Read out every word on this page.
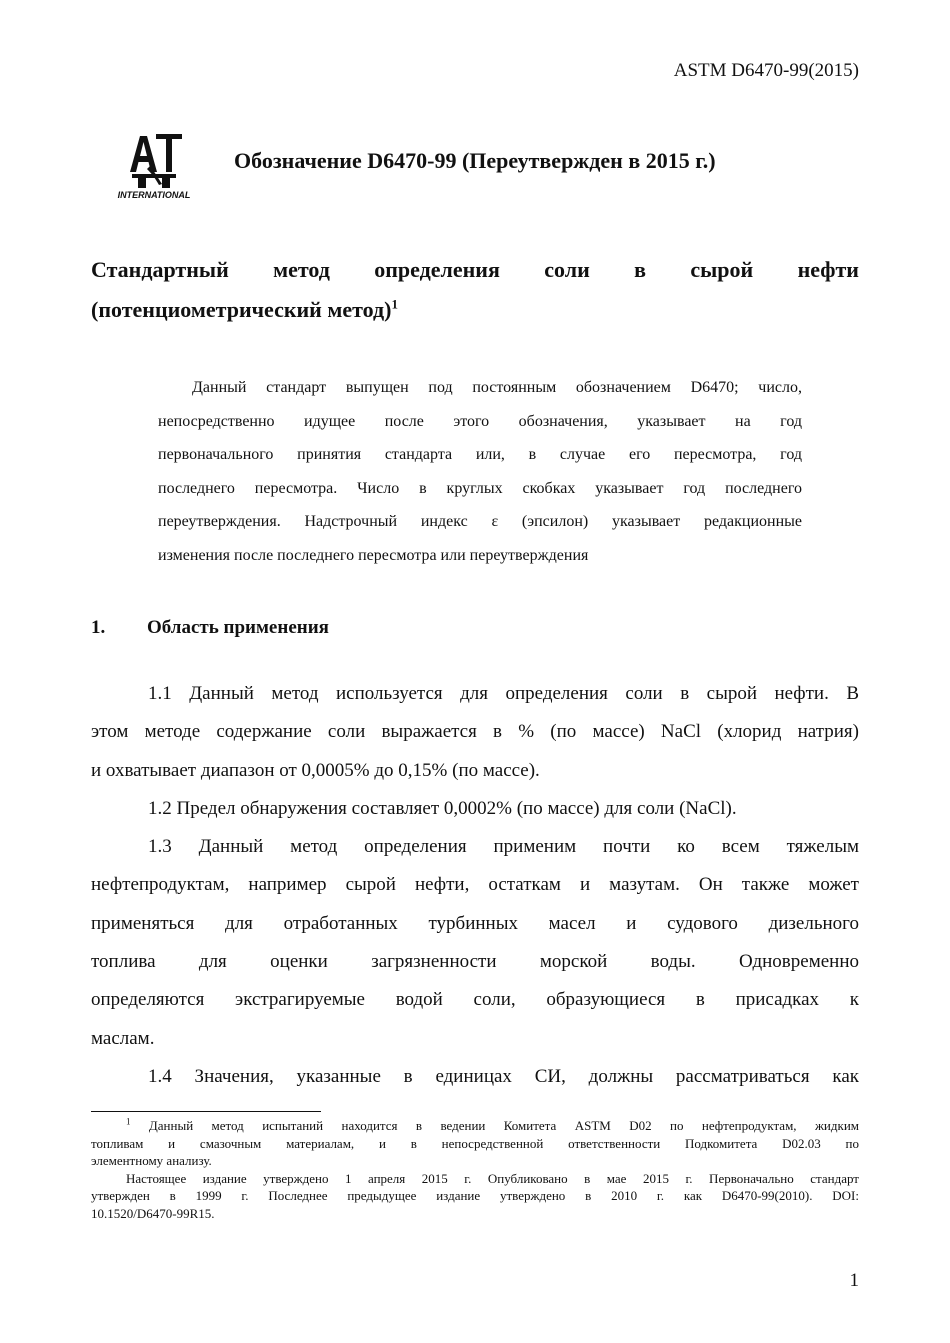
ASTM D6470-99(2015)
INTERNATIONAL
Обозначение D6470-99 (Переутвержден в 2015 г.)
Стандартный метод определения соли в сырой нефти
(потенциометрический метод)$^1$
Данный стандарт выпущен под постоянным обозначением D6470; число,
непосредственно идущее после этого обозначения, указывает на год
первоначального принятия стандарта или, в случае его пересмотра, год
последнего пересмотра. Число в круглых скобках указывает год последнего
переутверждения. Надстрочный индекс ε (эпсилон) указывает редакционные
изменения после последнего пересмотра или переутверждения
1. Область применения
1.1 Данный метод используется для определения соли в сырой нефти. В
этом методе содержание соли выражается в % (по массе) NaCl (хлорид натрия)
и охватывает диапазон от 0,0005% до 0,15% (по массе).
1.2 Предел обнаружения составляет 0,0002% (по массе) для соли (NaCl).
1.3 Данный метод определения применим почти ко всем тяжелым
нефтепродуктам, например сырой нефти, остаткам и мазутам. Он также может
применяться для отработанных турбинных масел и судового дизельного
топлива для оценки загрязненности морской воды. Одновременно
определяются экстрагируемые водой соли, образующиеся в присадках к
маслам.
1.4 Значения, указанные в единицах СИ, должны рассматриваться как
$^1$ Данный метод испытаний находится в ведении Комитета ASTM D02 по нефтепродуктам, жидким
топливам и смазочным материалам, и в непосредственной ответственности Подкомитета D02.03 по
элементному анализу.
Настоящее издание утверждено 1 апреля 2015 г. Опубликовано в мае 2015 г. Первоначально стандарт
утвержден в 1999 г. Последнее предыдущее издание утверждено в 2010 г. как D6470-99(2010). DOI:
10.1520/D6470-99R15.
1
